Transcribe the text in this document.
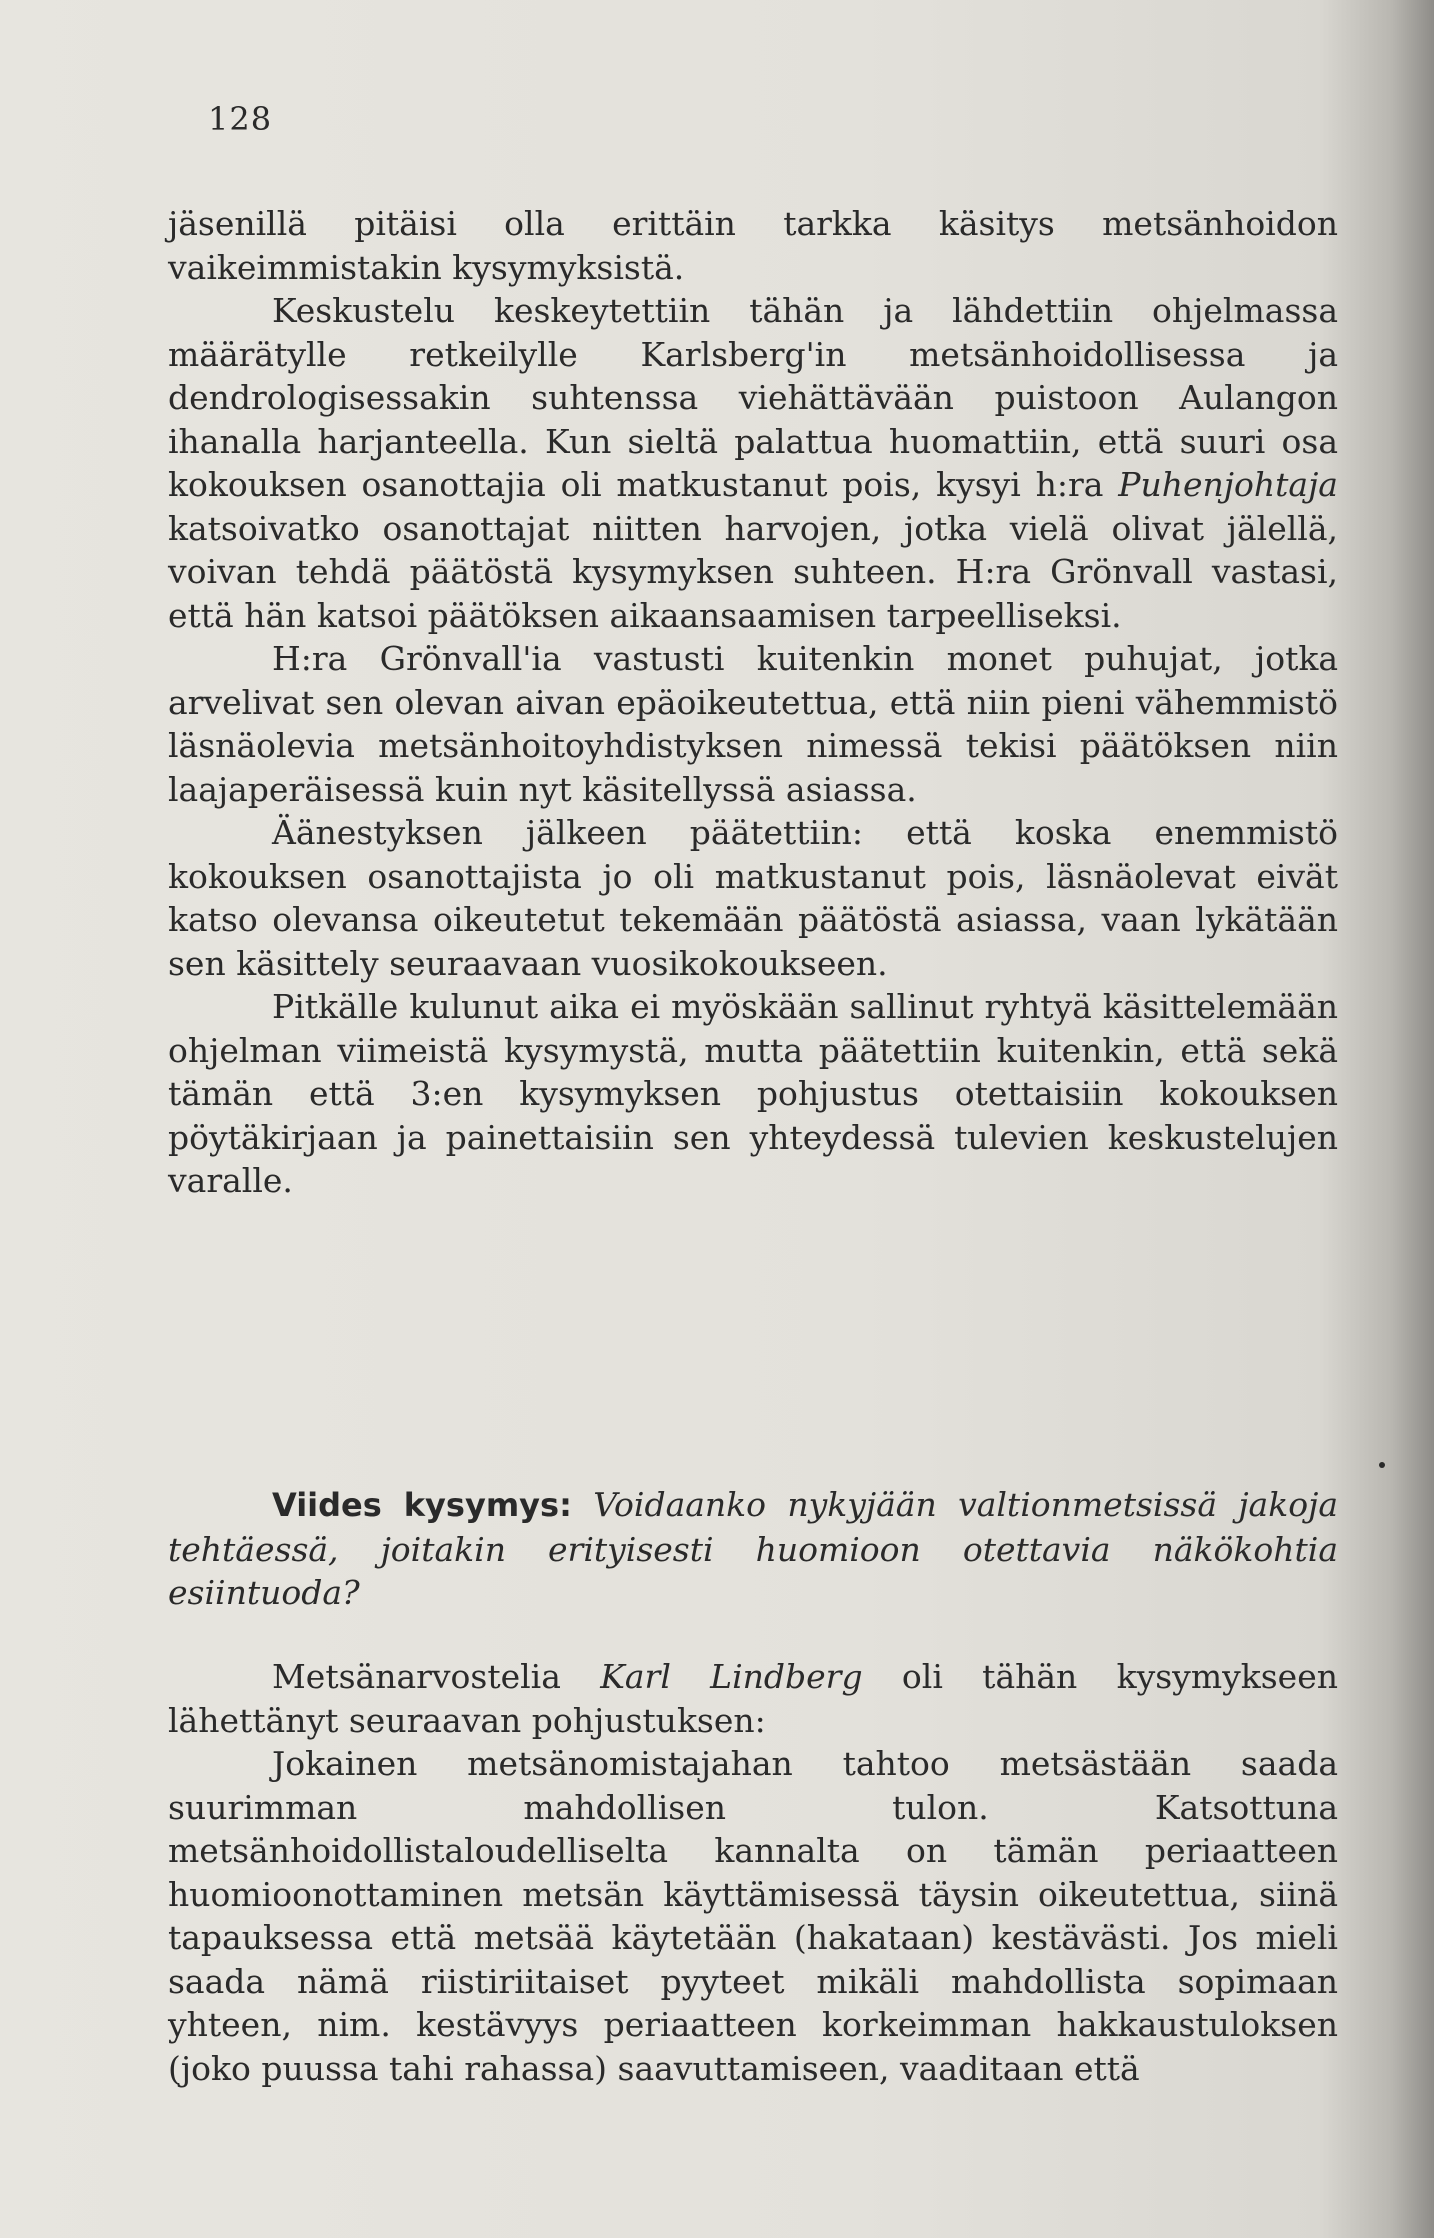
128

jäsenillä pitäisi olla erittäin tarkka käsitys metsänhoidon vaikeimmistakin kysymyksistä.

Keskustelu keskeytettiin tähän ja lähdettiin ohjelmassa määrätylle retkeilylle Karlsberg'in metsänhoidollisessa ja dendrologisessakin suhtenssa viehättävään puistoon Aulangon ihanalla harjanteella. Kun sieltä palattua huomattiin, että suuri osa kokouksen osanottajia oli matkustanut pois, kysyi h:ra Puhenjohtaja katsoivatko osanottajat niitten harvojen, jotka vielä olivat jälellä, voivan tehdä päätöstä kysymyksen suhteen. H:ra Grönvall vastasi, että hän katsoi päätöksen aikaansaamisen tarpeelliseksi.

H:ra Grönvall'ia vastusti kuitenkin monet puhujat, jotka arvelivat sen olevan aivan epäoikeutettua, että niin pieni vähemmistö läsnäolevia metsänhoitoyhdistyksen nimessä tekisi päätöksen niin laajaperäisessä kuin nyt käsitellyssä asiassa.

Äänestyksen jälkeen päätettiin: että koska enemmistö kokouksen osanottajista jo oli matkustanut pois, läsnäolevat eivät katso olevansa oikeutetut tekemään päätöstä asiassa, vaan lykätään sen käsittely seuraavaan vuosikokoukseen.

Pitkälle kulunut aika ei myöskään sallinut ryhtyä käsittelemään ohjelman viimeistä kysymystä, mutta päätettiin kuitenkin, että sekä tämän että 3:en kysymyksen pohjustus otettaisiin kokouksen pöytäkirjaan ja painettaisiin sen yhteydessä tulevien keskustelujen varalle.

Viides kysymys: Voidaanko nykyjään valtionmetsissä jakoja tehtäessä, joitakin erityisesti huomioon otettavia näkökohtia esiintuoda?

Metsänarvostelia Karl Lindberg oli tähän kysymykseen lähettänyt seuraavan pohjustuksen:

Jokainen metsänomistajahan tahtoo metsästään saada suurimman mahdollisen tulon. Katsottuna metsänhoidollistaloudelliselta kannalta on tämän periaatteen huomioonottaminen metsän käyttämisessä täysin oikeutettua, siinä tapauksessa että metsää käytetään (hakataan) kestävästi. Jos mieli saada nämä riistiriitaiset pyyteet mikäli mahdollista sopimaan yhteen, nim. kestävyys periaatteen korkeimman hakkaustuloksen (joko puussa tahi rahassa) saavuttamiseen, vaaditaan että
